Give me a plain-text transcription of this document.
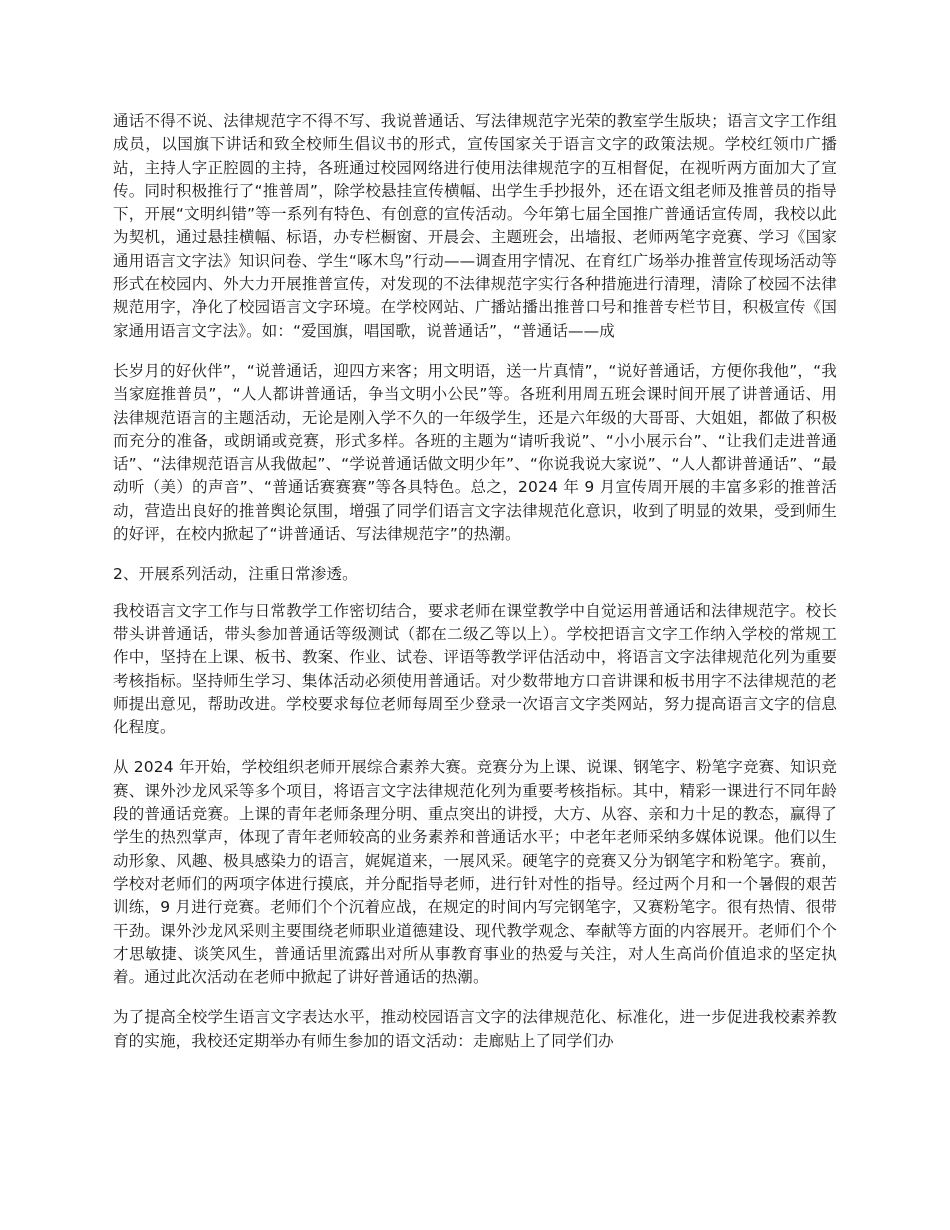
通话不得不说、法律规范字不得不写、我说普通话、写法律规范字光荣的教室学生版块；语言文字工作组成员，以国旗下讲话和致全校师生倡议书的形式，宣传国家关于语言文字的政策法规。学校红领巾广播站，主持人字正腔圆的主持，各班通过校园网络进行使用法律规范字的互相督促，在视听两方面加大了宣传。同时积极推行了“推普周”，除学校悬挂宣传横幅、出学生手抄报外，还在语文组老师及推普员的指导下，开展“文明纠错”等一系列有特色、有创意的宣传活动。今年第七届全国推广普通话宣传周，我校以此为契机，通过悬挂横幅、标语，办专栏橱窗、开晨会、主题班会，出墙报、老师两笔字竞赛、学习《国家通用语言文字法》知识问卷、学生“啄木鸟”行动——调查用字情况、在育红广场举办推普宣传现场活动等形式在校园内、外大力开展推普宣传，对发现的不法律规范字实行各种措施进行清理，清除了校园不法律规范用字，净化了校园语言文字环境。在学校网站、广播站播出推普口号和推普专栏节目，积极宣传《国家通用语言文字法》。如：“爱国旗，唱国歌，说普通话”，“普通话——成

长岁月的好伙伴”，“说普通话，迎四方来客；用文明语，送一片真情”，“说好普通话，方便你我他”，“我当家庭推普员”，“人人都讲普通话，争当文明小公民”等。各班利用周五班会课时间开展了讲普通话、用法律规范语言的主题活动，无论是刚入学不久的一年级学生，还是六年级的大哥哥、大姐姐，都做了积极而充分的准备，或朗诵或竞赛，形式多样。各班的主题为“请听我说”、“小小展示台”、“让我们走进普通话”、“法律规范语言从我做起”、“学说普通话做文明少年”、“你说我说大家说”、“人人都讲普通话”、“最动听（美）的声音”、“普通话赛赛赛”等各具特色。总之，2024 年 9 月宣传周开展的丰富多彩的推普活动，营造出良好的推普舆论氛围，增强了同学们语言文字法律规范化意识，收到了明显的效果，受到师生的好评，在校内掀起了“讲普通话、写法律规范字”的热潮。

2、开展系列活动，注重日常渗透。

我校语言文字工作与日常教学工作密切结合，要求老师在课堂教学中自觉运用普通话和法律规范字。校长带头讲普通话，带头参加普通话等级测试（都在二级乙等以上）。学校把语言文字工作纳入学校的常规工作中，坚持在上课、板书、教案、作业、试卷、评语等教学评估活动中，将语言文字法律规范化列为重要考核指标。坚持师生学习、集体活动必须使用普通话。对少数带地方口音讲课和板书用字不法律规范的老师提出意见，帮助改进。学校要求每位老师每周至少登录一次语言文字类网站，努力提高语言文字的信息化程度。

从 2024 年开始，学校组织老师开展综合素养大赛。竞赛分为上课、说课、钢笔字、粉笔字竞赛、知识竞赛、课外沙龙风采等多个项目，将语言文字法律规范化列为重要考核指标。其中，精彩一课进行不同年龄段的普通话竞赛。上课的青年老师条理分明、重点突出的讲授，大方、从容、亲和力十足的教态，赢得了学生的热烈掌声，体现了青年老师较高的业务素养和普通话水平；中老年老师采纳多媒体说课。他们以生动形象、风趣、极具感染力的语言，娓娓道来，一展风采。硬笔字的竞赛又分为钢笔字和粉笔字。赛前，学校对老师们的两项字体进行摸底，并分配指导老师，进行针对性的指导。经过两个月和一个暑假的艰苦训练，9 月进行竞赛。老师们个个沉着应战，在规定的时间内写完钢笔字，又赛粉笔字。很有热情、很带干劲。课外沙龙风采则主要围绕老师职业道德建设、现代教学观念、奉献等方面的内容展开。老师们个个才思敏捷、谈笑风生，普通话里流露出对所从事教育事业的热爱与关注，对人生高尚价值追求的坚定执着。通过此次活动在老师中掀起了讲好普通话的热潮。

为了提高全校学生语言文字表达水平，推动校园语言文字的法律规范化、标准化，进一步促进我校素养教育的实施，我校还定期举办有师生参加的语文活动：走廊贴上了同学们办
